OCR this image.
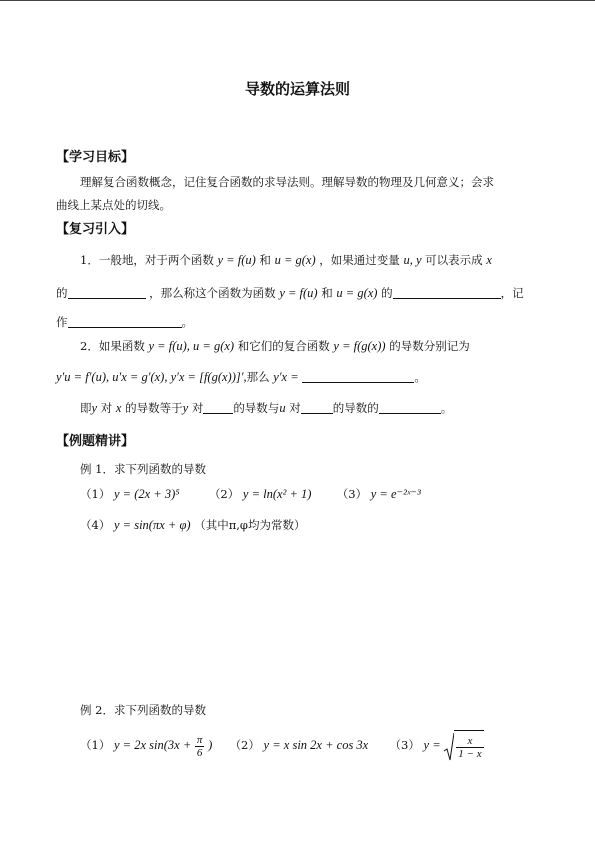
导数的运算法则
【学习目标】
理解复合函数概念，记住复合函数的求导法则。理解导数的物理及几何意义；会求
曲线上某点处的切线。
【复习引入】
1．一般地，对于两个函数 y = f(u) 和 u = g(x) ，如果通过变量 u, y 可以表示成 x
的	，那么称这个函数为函数 y = f(u) 和 u = g(x) 的	，记
作	。
2．如果函数 y = f(u), u = g(x) 和它们的复合函数 y = f(g(x)) 的导数分别记为
y′u = f′(u), u′x = g′(x), y′x = [f(g(x))]′,那么 y′x =	。
即y 对 x 的导数等于y 对	的导数与u 对	的导数的	。
【例题精讲】
例 1．求下列函数的导数
（1） y = (2x + 3)⁵	（2） y = ln(x² + 1) （3） y = e⁻²ˣ⁻³
（4） y = sin(πx + φ) （其中π,φ均为常数）
例 2．求下列函数的导数
（1） y = 2x $\sin(3x + \frac{\pi}{6}$ ) （2） y = x sin 2x + cos 3x （3） $y = \frac{x}{1 - x}$
